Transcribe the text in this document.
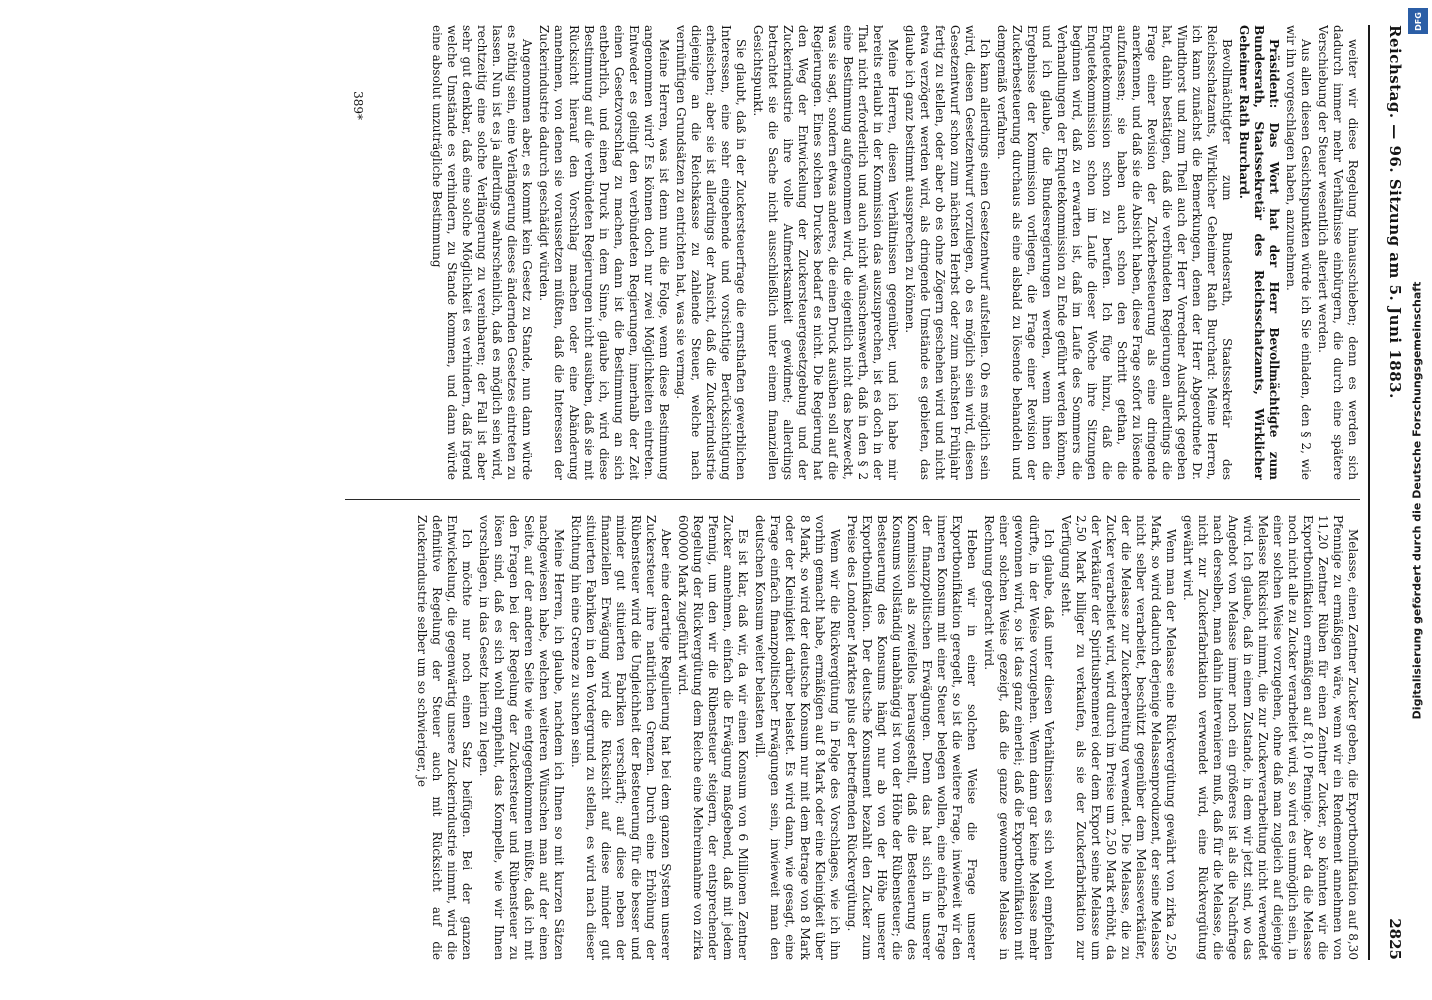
Reichstag. — 96. Sitzung am 5. Juni 1883.
2825

Melasse, einen Zentner Zucker geben, die Exportbonifikation auf 8,30 Pfennige zu ermäßigen wäre, wenn wir ein Rendement annehmen von 11,20 Zentner Rüben für einen Zentner Zucker, so könnten wir die Exportbonifikation ermäßigen auf 8,10 Pfennige. Aber da die Melasse noch nicht alle zu Zucker verarbeitet wird, so wird es unmöglich sein, in einer solchen Weise vorzugehen, ohne daß man zugleich auf diejenige Melasse Rücksicht nimmt, die zur Zuckerverarbeitung nicht verwendet wird. Ich glaube, daß in einem Zustande, in dem wir jetzt sind, wo das Angebot von Melasse immer noch ein größeres ist als die Nachfrage nach derselben, man dahin intervenieren muß, daß für die Melasse, die nicht zur Zuckerfabrikation verwendet wird, eine Rückvergütung gewährt wird.

Wenn man der Melasse eine Rückvergütung gewährt von zirka 2,50 Mark, so wird dadurch derjenige Melassenproduzent, der seine Melasse nicht selber verarbeitet, beschützt gegenüber dem Melasseverkäufer, der die Melasse zur Zuckerbereitung verwendet. Die Melasse, die zu Zucker verarbeitet wird, wird durch im Preise um 2,50 Mark erhöht, da der Verkäufer der Spiritusbrennerei oder dem Export seine Melasse um 2,50 Mark billiger zu verkaufen, als sie der Zuckerfabrikation zur Verfügung steht.

Ich glaube, daß unter diesen Verhältnissen es sich wohl empfehlen dürfte, in der Weise vorzugehen. Wenn dann gar keine Melasse mehr gewonnen wird, so ist das ganz einerlei; daß die Exportbonifikation mit einer solchen Weise gezeigt, daß die ganze gewonnene Melasse in Rechnung gebracht wird.

Heben wir in einer solchen Weise die Frage unserer Exportbonifikation geregelt, so ist die weitere Frage, inwieweit wir den inneren Konsum mit einer Steuer belegen wollen, eine einfache Frage der finanzpolitischen Erwägungen. Denn das hat sich in unserer Kommission als zweifellos herausgestellt, daß die Besteuerung des Konsums vollständig unabhängig ist von der Höhe der Rübensteuer; die Besteuerung des Konsums hängt nur ab von der Höhe unserer Exportbonifikation. Der deutsche Konsument bezahlt den Zucker zum Preise des Londoner Marktes plus der betreffenden Rückvergütung.

Wenn wir die Rückvergütung in Folge des Vorschlages, wie ich ihn vorhin gemacht habe, ermäßigen auf 8 Mark oder eine Kleinigkeit über 8 Mark, so wird der deutsche Konsum nur mit dem Betrage von 8 Mark oder der Kleinigkeit darüber belastet. Es wird dann, wie gesagt, eine Frage einfach finanzpolitischer Erwägungen sein, inwieweit man den deutschen Konsum weiter belasten will.

Es ist klar, daß wir, da wir einen Konsum von 6 Millionen Zentner Zucker annehmen, einfach die Erwägung maßgebend, daß mit jedem Pfennig, um den wir die Rübensteuer steigern, der entsprechender Regelung der Rückvergütung dem Reiche eine Mehreinnahme von zirka 600000 Mark zugeführt wird.

Aber eine derartige Regulierung hat bei dem ganzen System unserer Zuckersteuer ihre natürlichen Grenzen. Durch eine Erhöhung der Rübensteuer wird die Ungleichheit der Besteuerung für die besser und minder gut situierten Fabriken verschärft; auf diese neben der finanziellen Erwägung wird die Rücksicht auf diese minder gut situierten Fabriken in den Vordergrund zu stellen, es wird nach dieser Richtung hin eine Grenze zu suchen sein.

Meine Herren, ich glaube, nachdem ich Ihnen so mit kurzen Sätzen nachgewiesen habe, welchen weiteren Wünschen man auf der einen Seite, auf der anderen Seite wie entgegenkommen müßte, daß ich mit den Fragen bei der Regelung der Zuckersteuer und Rübensteuer zu lösen sind, daß es sich wohl empfiehlt, das Kompelle, wie wir Ihnen vorschlagen, in das Gesetz hierin zu legen.

Ich möchte nur noch einen Satz beifügen. Bei der ganzen Entwickelung, die gegenwärtig unsere Zuckerindustrie nimmt, wird die definitive Regelung der Steuer auch mit Rücksicht auf die Zuckerindustrie selber um so schwieriger, je

weiter wir diese Regelung hinausschieben; denn es werden sich dadurch immer mehr Verhältnisse einbürgern, die durch eine spätere Verschiebung der Steuer wesentlich alteriert werden.

Aus allen diesen Gesichtspunkten würde ich Sie einladen, den § 2, wie wir ihn vorgeschlagen haben, anzunehmen.

Präsident: Das Wort hat der Herr Bevollmächtigte zum Bundesrath, Staatssekretär des Reichsschatzamts, Wirklicher Geheimer Rath Burchard.

Bevollmächtigter zum Bundesrath, Staatssekretär des Reichsschatzamts, Wirklicher Geheimer Rath Burchard: Meine Herren, ich kann zunächst die Bemerkungen, denen der Herr Abgeordnete Dr. Windthorst und zum Theil auch der Herr Vorredner Ausdruck gegeben hat, dahin bestätigen, daß die verbündeten Regierungen allerdings die Frage einer Revision der Zuckerbesteuerung als eine dringende anerkennen, und daß sie die Absicht haben, diese Frage sofort zu lösende aufzufassen; sie haben auch schon den Schritt gethan, die Enquetekommission schon zu berufen. Ich füge hinzu, daß die Enquetekommission schon im Laufe dieser Woche ihre Sitzungen beginnen wird, daß zu erwarten ist, daß im Laufe des Sommers die Verhandlungen der Enquetekommission zu Ende geführt werden können, und ich glaube, die Bundesregierungen werden, wenn ihnen die Ergebnisse der Kommission vorliegen, die Frage einer Revision der Zuckerbesteuerung durchaus als eine alsbald zu lösende behandeln und demgemäß verfahren.

Ich kann allerdings einen Gesetzentwurf aufstellen. Ob es möglich sein wird, diesen Gesetzentwurf vorzulegen, ob es möglich sein wird, diesen Gesetzentwurf schon zum nächsten Herbst oder zum nächsten Frühjahr fertig zu stellen, oder aber ob es ohne Zögern geschehen wird und nicht etwa verzögert werden wird, als dringende Umstände es gebieten, das glaube ich ganz bestimmt aussprechen zu können.

Meine Herren, diesen Verhältnissen gegenüber, und ich habe mir bereits erlaubt in der Kommission das auszusprechen, ist es doch in der That nicht erforderlich und auch nicht wünschenswerth, daß in den § 2 eine Bestimmung aufgenommen wird, die eigentlich nicht das bezweckt, was sie sagt, sondern etwas anderes, die einen Druck ausüben soll auf die Regierungen. Eines solchen Druckes bedarf es nicht. Die Regierung hat den Weg der Entwickelung der Zuckersteuergesetzgebung und der Zuckerindustrie ihre volle Aufmerksamkeit gewidmet; allerdings betrachtet sie die Sache nicht ausschließlich unter einem finanziellen Gesichtspunkt.

Sie glaubt, daß in der Zuckersteuerfrage die ernsthaften gewerblichen Interessen, eine sehr eingehende und vorsichtige Berücksichtigung erheischen; aber sie ist allerdings der Ansicht, daß die Zuckerindustrie diejenige an die Reichskasse zu zahlende Steuer, welche nach vernünftigen Grundsätzen zu entrichten hat, was sie vermag.

Meine Herren, was ist denn nun die Folge, wenn diese Bestimmung angenommen wird? Es können doch nur zwei Möglichkeiten eintreten. Entweder es gelingt den verbündeten Regierungen, innerhalb der Zeit einen Gesetzvorschlag zu machen, dann ist die Bestimmung an sich entbehrlich, und einen Druck in dem Sinne, glaube ich, wird diese Bestimmung auf die verbündeten Regierungen nicht ausüben, daß sie mit Rücksicht hierauf den Vorschlag machen oder eine Abänderung annehmen, von denen sie voraussetzen müßten, daß die Interessen der Zuckerindustrie dadurch geschädigt würden.

Angenommen aber, es kommt kein Gesetz zu Stande, nun dann würde es nöthig sein, eine Verlängerung dieses ändernden Gesetzes eintreten zu lassen. Nun ist es ja allerdings wahrscheinlich, daß es möglich sein wird, rechtzeitig eine solche Verlängerung zu vereinbaren; der Fall ist aber sehr gut denkbar, daß eine solche Möglichkeit es verhindern, daß irgend welche Umstände es verhindern, zu Stande kommen, und dann würde eine absolut unzuträgliche Bestimmung

389*
DFG
Digitalisierung gefördert durch die Deutsche Forschungsgemeinschaft
